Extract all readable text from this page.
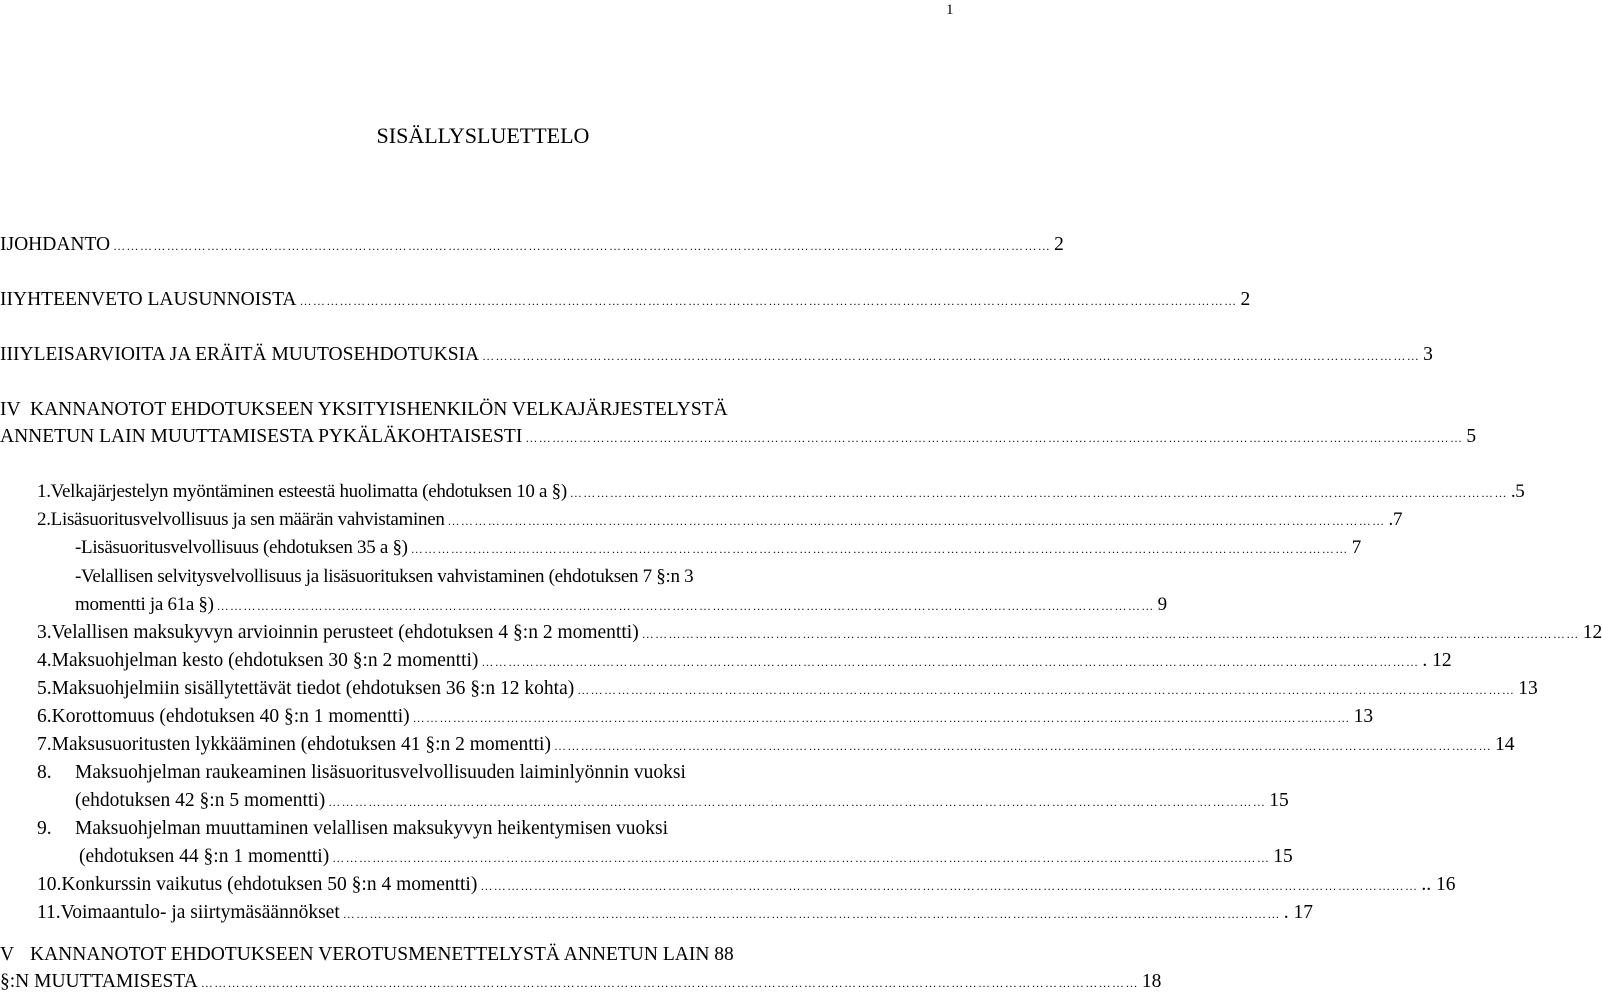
1
SISÄLLYSLUETTELO
I JOHDANTO ………………………………………………………………………………………………………………………………………………………………………………………… 2
II YHTEENVETO LAUSUNNOISTA ………………………………………………………………………………………………………………………………………………………………………………………… 2
III YLEISARVIOITA JA ERÄITÄ MUUTOSEHDOTUKSIA ………………………………………………………………………………………………………………………………………………………………………………………… 3
IV KANNANOTOT EHDOTUKSEEN YKSITYISHENKILÖN VELKAJÄRJESTELYSTÄ
ANNETUN LAIN MUUTTAMISESTA PYKÄLÄKOHTAISESTI ………………………………………………………………………………………………………………………………………………………………………………………… 5
1. Velkajärjestelyn myöntäminen esteestä huolimatta (ehdotuksen 10 a §) ………………………………………………………………………………………………………………………………………………………………………………………… .5
2. Lisäsuoritusvelvollisuus ja sen määrän vahvistaminen ………………………………………………………………………………………………………………………………………………………………………………………… .7
-Lisäsuoritusvelvollisuus (ehdotuksen 35 a §) ………………………………………………………………………………………………………………………………………………………………………………………… 7
-Velallisen selvitysvelvollisuus ja lisäsuorituksen vahvistaminen (ehdotuksen 7 §:n 3
momentti ja 61a §) ………………………………………………………………………………………………………………………………………………………………………………………… 9
3. Velallisen maksukyvyn arvioinnin perusteet (ehdotuksen 4 §:n 2 momentti) ………………………………………………………………………………………………………………………………………………………………………………………… 12
4. Maksuohjelman kesto (ehdotuksen 30 §:n 2 momentti) ………………………………………………………………………………………………………………………………………………………………………………………… . 12
5. Maksuohjelmiin sisällytettävät tiedot (ehdotuksen 36 §:n 12 kohta) ………………………………………………………………………………………………………………………………………………………………………………………… 13
6. Korottomuus (ehdotuksen 40 §:n 1 momentti) ………………………………………………………………………………………………………………………………………………………………………………………… 13
7. Maksusuoritusten lykkääminen (ehdotuksen 41 §:n 2 momentti) ………………………………………………………………………………………………………………………………………………………………………………………… 14
8.	Maksuohjelman raukeaminen lisäsuoritusvelvollisuuden laiminlyönnin vuoksi
(ehdotuksen 42 §:n 5 momentti) ………………………………………………………………………………………………………………………………………………………………………………………… 15
9.	Maksuohjelman muuttaminen velallisen maksukyvyn heikentymisen vuoksi
(ehdotuksen 44 §:n 1 momentti) ………………………………………………………………………………………………………………………………………………………………………………………… 15
10. Konkurssin vaikutus (ehdotuksen 50 §:n 4 momentti) ………………………………………………………………………………………………………………………………………………………………………………………… .. 16
11. Voimaantulo- ja siirtymäsäännökset ………………………………………………………………………………………………………………………………………………………………………………………… . 17
V KANNANOTOT EHDOTUKSEEN VEROTUSMENETTELYSTÄ ANNETUN LAIN 88
§:N MUUTTAMISESTA ………………………………………………………………………………………………………………………………………………………………………………………… 18
